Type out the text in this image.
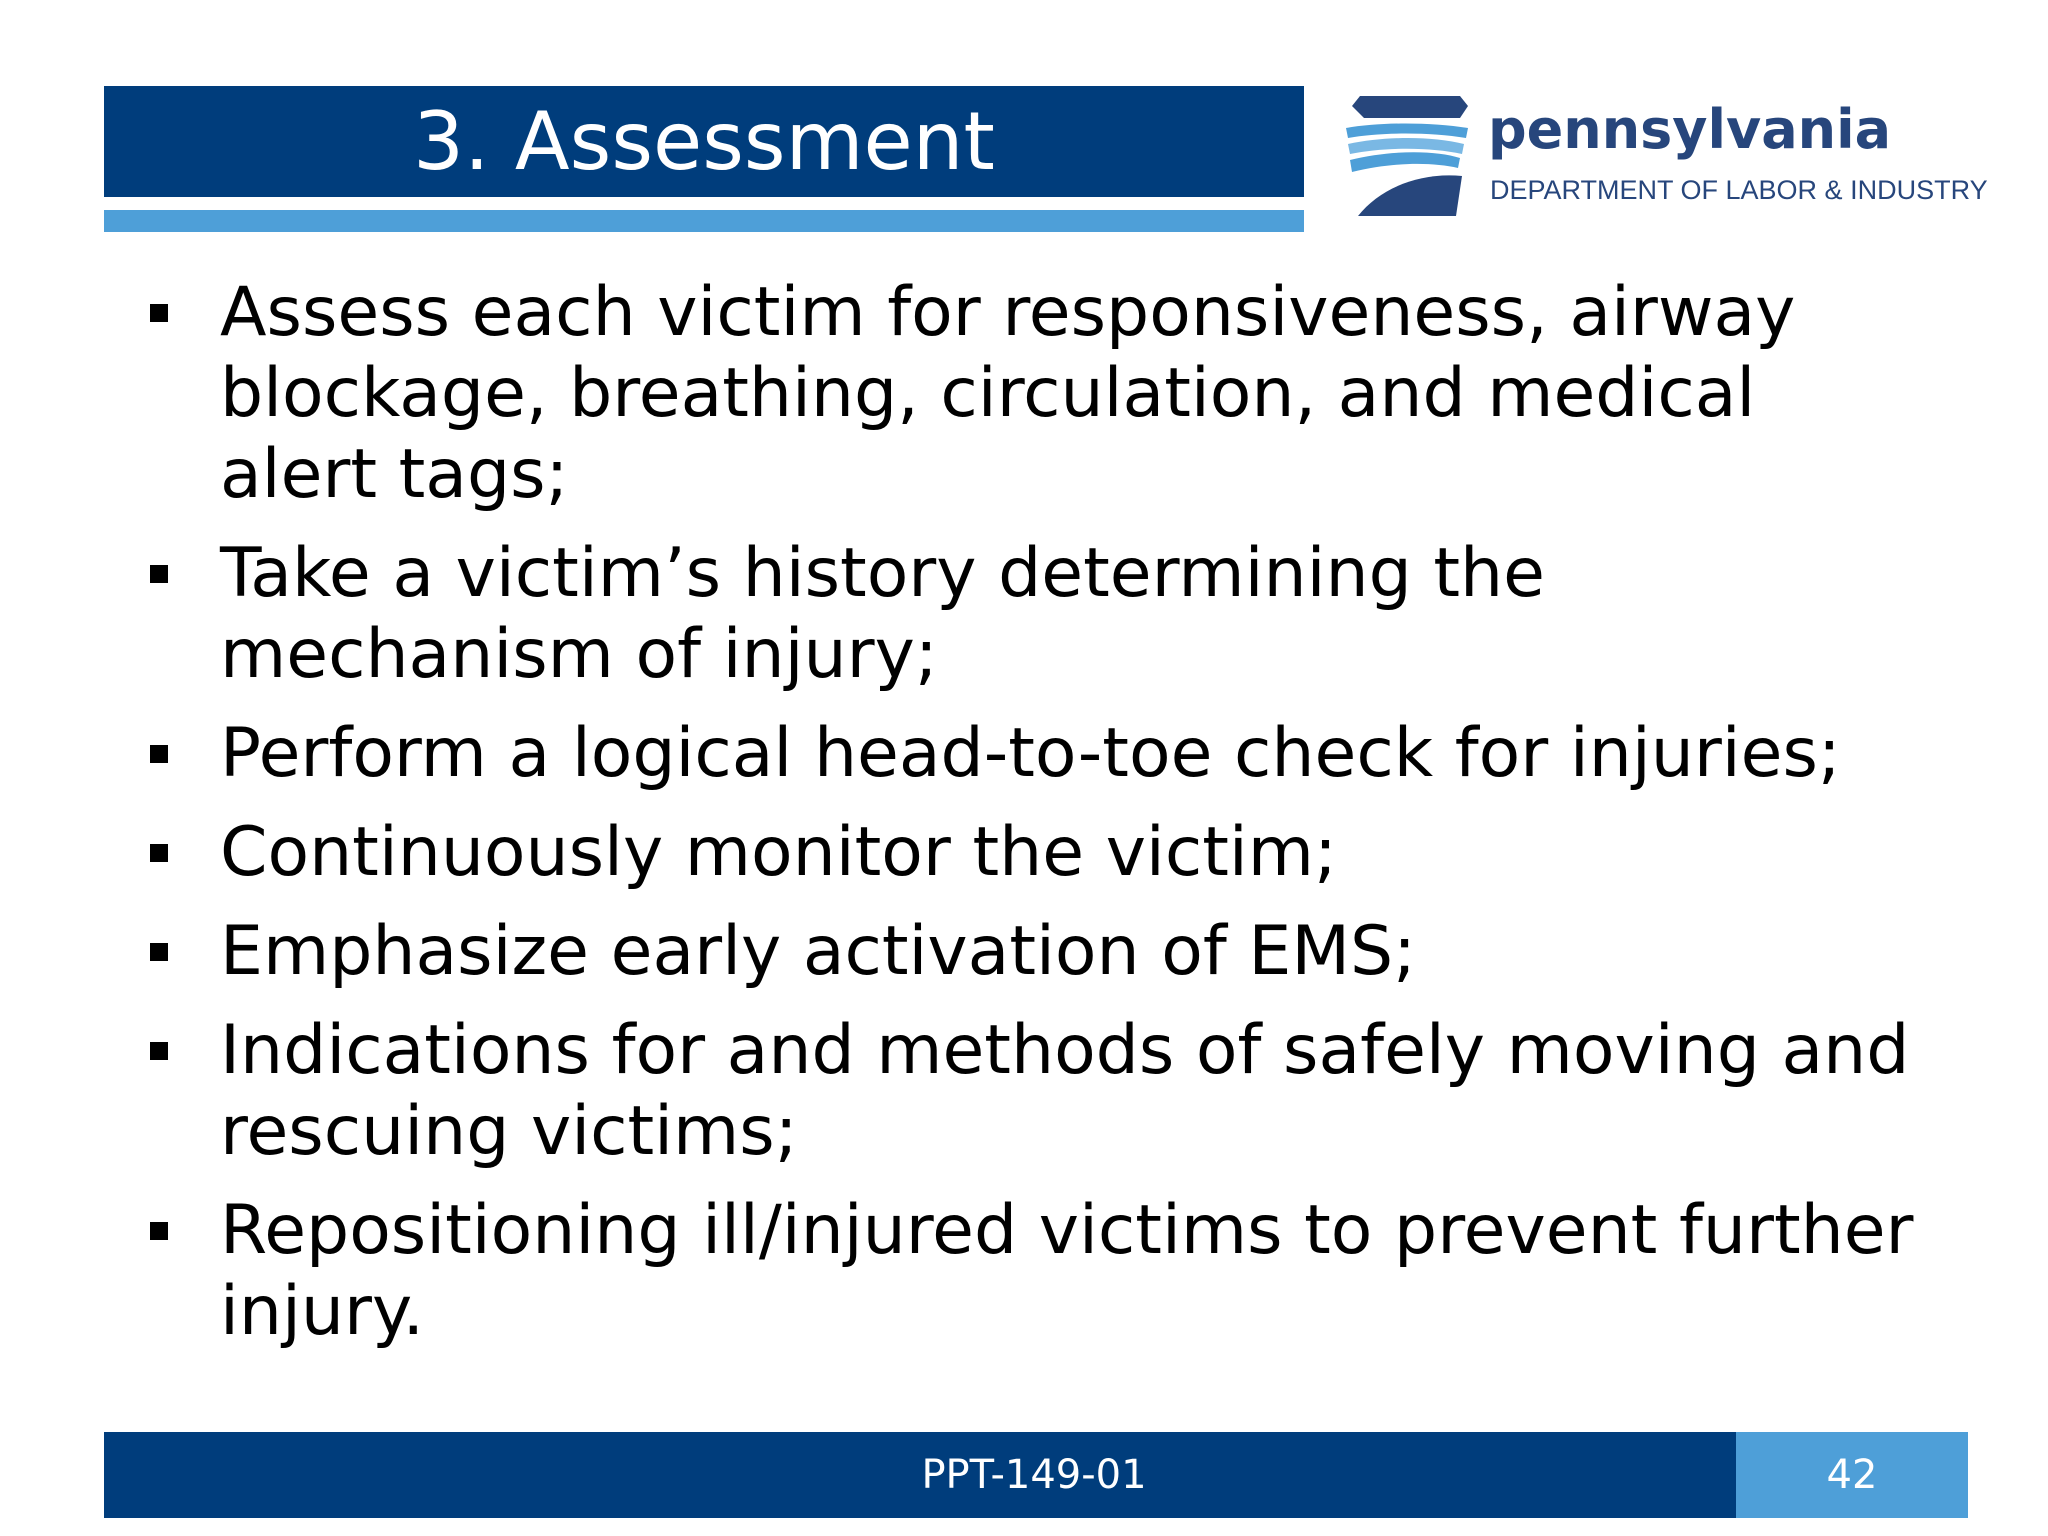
3. Assessment	pennsylvania
DEPARTMENT OF LABOR & INDUSTRY
Assess each victim for responsiveness, airway blockage, breathing, circulation, and medical alert tags;
Take a victim’s history determining the mechanism of injury;
Perform a logical head-to-toe check for injuries;
Continuously monitor the victim;
Emphasize early activation of EMS;
Indications for and methods of safely moving and rescuing victims;
Repositioning ill/injured victims to prevent further injury.
PPT-149-01	42
